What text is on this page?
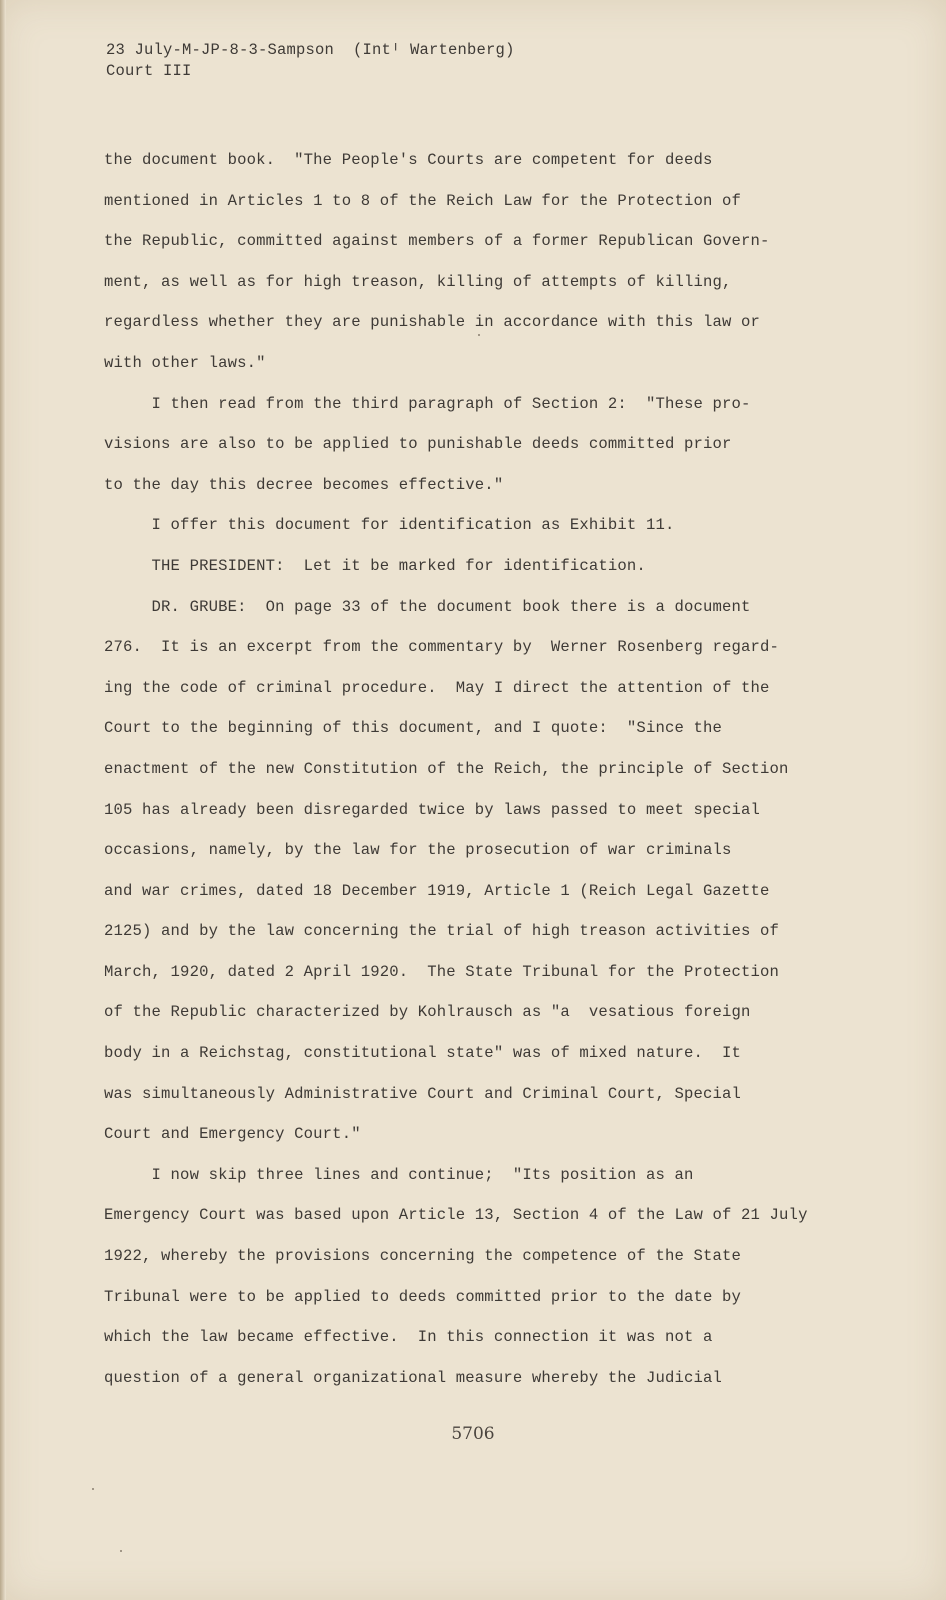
23 July-M-JP-8-3-Sampson  (Intᴵ Wartenberg)
Court III
the document book.  "The People's Courts are competent for deeds
mentioned in Articles 1 to 8 of the Reich Law for the Protection of
the Republic, committed against members of a former Republican Govern-
ment, as well as for high treason, killing of attempts of killing,
regardless whether they are punishable in accordance with this law or
with other laws."
I then read from the third paragraph of Section 2:  "These pro-
visions are also to be applied to punishable deeds committed prior
to the day this decree becomes effective."
I offer this document for identification as Exhibit 11.
THE PRESIDENT:  Let it be marked for identification.
DR. GRUBE:  On page 33 of the document book there is a document
276.  It is an excerpt from the commentary by  Werner Rosenberg regard-
ing the code of criminal procedure.  May I direct the attention of the
Court to the beginning of this document, and I quote:  "Since the
enactment of the new Constitution of the Reich, the principle of Section
105 has already been disregarded twice by laws passed to meet special
occasions, namely, by the law for the prosecution of war criminals
and war crimes, dated 18 December 1919, Article 1 (Reich Legal Gazette
2125) and by the law concerning the trial of high treason activities of
March, 1920, dated 2 April 1920.  The State Tribunal for the Protection
of the Republic characterized by Kohlrausch as "a  vesatious foreign
body in a Reichstag, constitutional state" was of mixed nature.  It
was simultaneously Administrative Court and Criminal Court, Special
Court and Emergency Court."
I now skip three lines and continue;  "Its position as an
Emergency Court was based upon Article 13, Section 4 of the Law of 21 July
1922, whereby the provisions concerning the competence of the State
Tribunal were to be applied to deeds committed prior to the date by
which the law became effective.  In this connection it was not a
question of a general organizational measure whereby the Judicial
5706
